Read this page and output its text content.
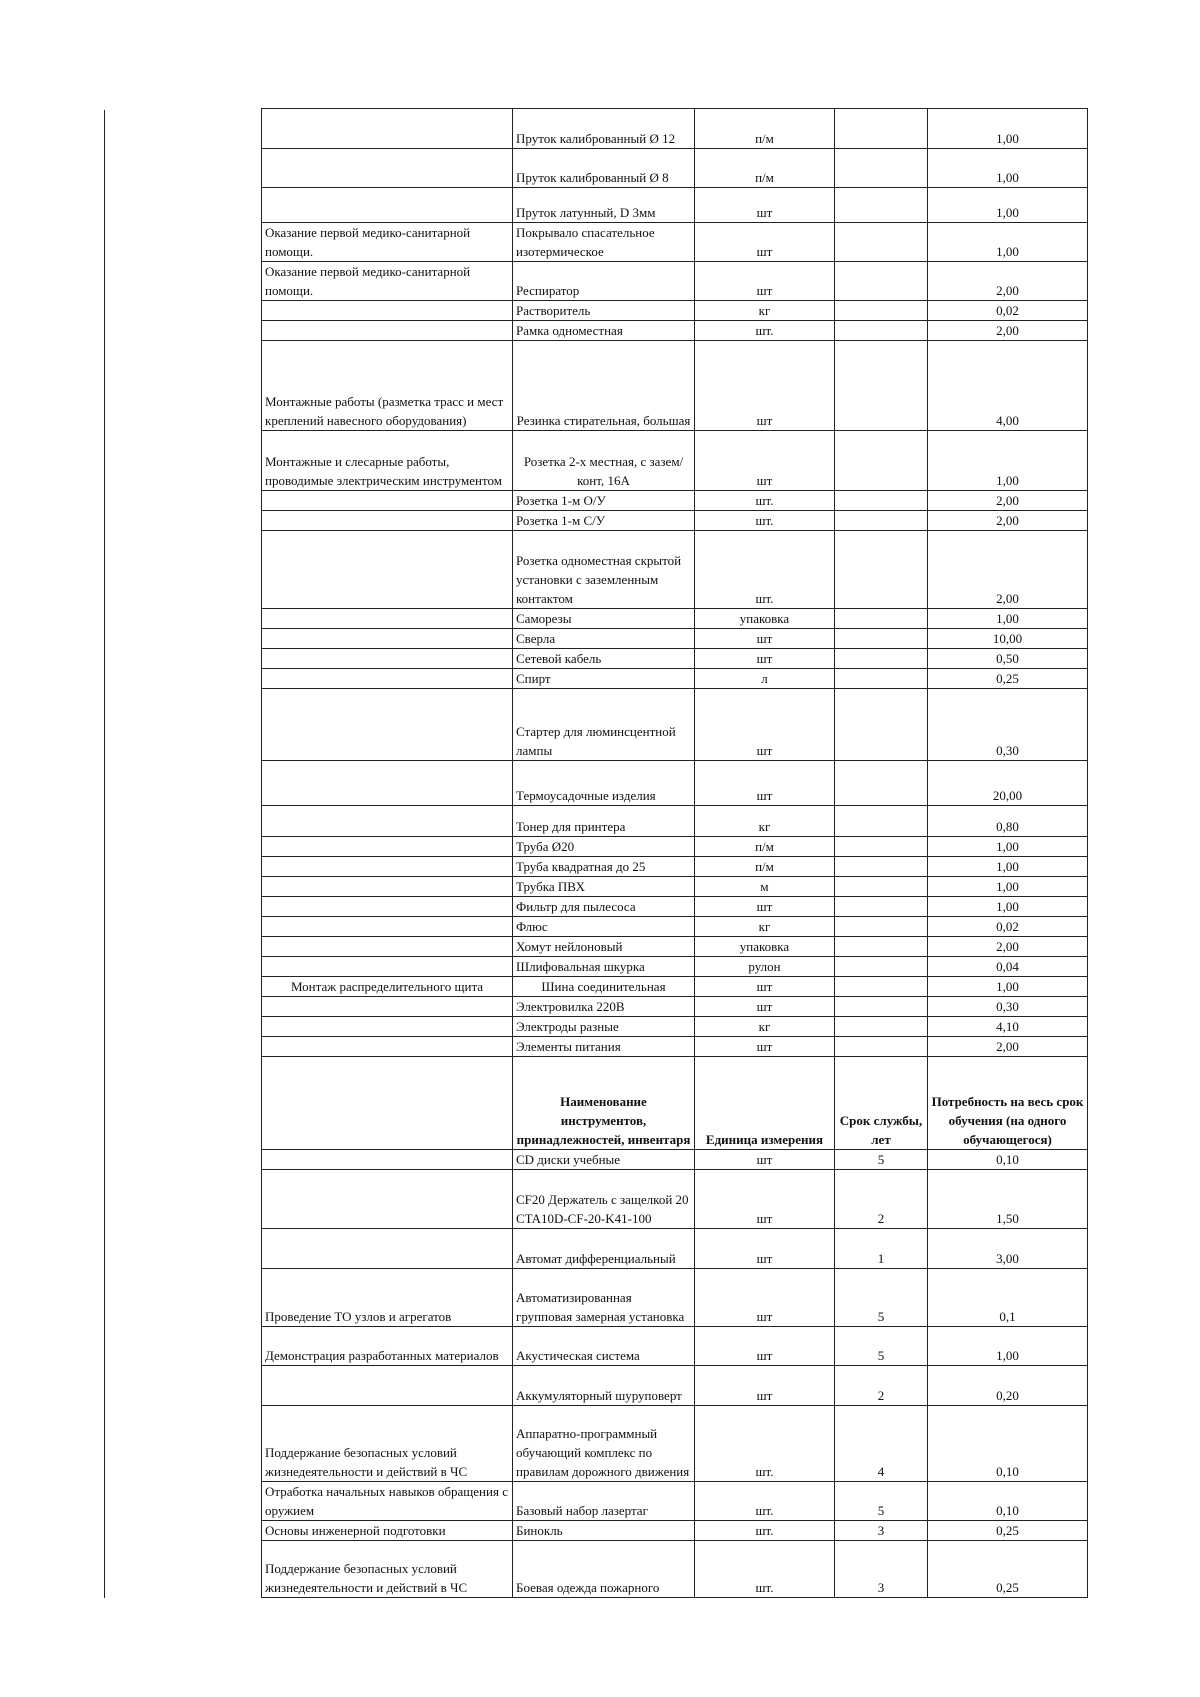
	Пруток калиброванный Ø 12	п/м		1,00
	Пруток калиброванный Ø 8	п/м		1,00
	Пруток латунный, D 3мм	шт		1,00
Оказание первой медико-санитарной помощи.	Покрывало спасательное изотермическое	шт		1,00
Оказание первой медико-санитарной помощи.	Респиратор	шт		2,00
	Растворитель	кг		0,02
	Рамка одноместная	шт.		2,00
Монтажные работы (разметка трасс и мест креплений навесного оборудования)	Резинка стирательная, большая	шт		4,00
Монтажные и слесарные работы, проводимые электрическим инструментом	Розетка 2-х местная, с зазем/конт, 16А	шт		1,00
	Розетка 1-м О/У	шт.		2,00
	Розетка 1-м С/У	шт.		2,00
	Розетка одноместная скрытой установки с заземленным контактом	шт.		2,00
	Саморезы	упаковка		1,00
	Сверла	шт		10,00
	Сетевой кабель	шт		0,50
	Спирт	л		0,25
	Стартер для люминсцентной лампы	шт		0,30
	Термоусадочные изделия	шт		20,00
	Тонер для принтера	кг		0,80
	Труба Ø20	п/м		1,00
	Труба квадратная до 25	п/м		1,00
	Трубка ПВХ	м		1,00
	Фильтр для пылесоса	шт		1,00
	Флюс	кг		0,02
	Хомут нейлоновый	упаковка		2,00
	Шлифовальная шкурка	рулон		0,04
Монтаж распределительного щита	Шина соединительная	шт		1,00
	Электровилка 220В	шт		0,30
	Электроды разные	кг		4,10
	Элементы питания	шт		2,00
	Наименование инструментов, принадлежностей, инвентаря	Единица измерения	Срок службы, лет	Потребность на весь срок обучения (на одного обучающегося)
	CD диски учебные	шт	5	0,10
	CF20 Держатель с защелкой 20 CTA10D-CF-20-K41-100	шт	2	1,50
	Автомат дифференциальный	шт	1	3,00
Проведение ТО узлов и агрегатов	Автоматизированная групповая замерная установка	шт	5	0,1
Демонстрация разработанных материалов	Акустическая система	шт	5	1,00
	Аккумуляторный шуруповерт	шт	2	0,20
Поддержание безопасных условий жизнедеятельности и действий в ЧС	Аппаратно-программный обучающий комплекс по правилам дорожного движения	шт.	4	0,10
Отработка начальных навыков обращения с оружием	Базовый набор лазертаг	шт.	5	0,10
Основы инженерной подготовки	Бинокль	шт.	3	0,25
Поддержание безопасных условий жизнедеятельности и действий в ЧС	Боевая одежда пожарного	шт.	3	0,25
